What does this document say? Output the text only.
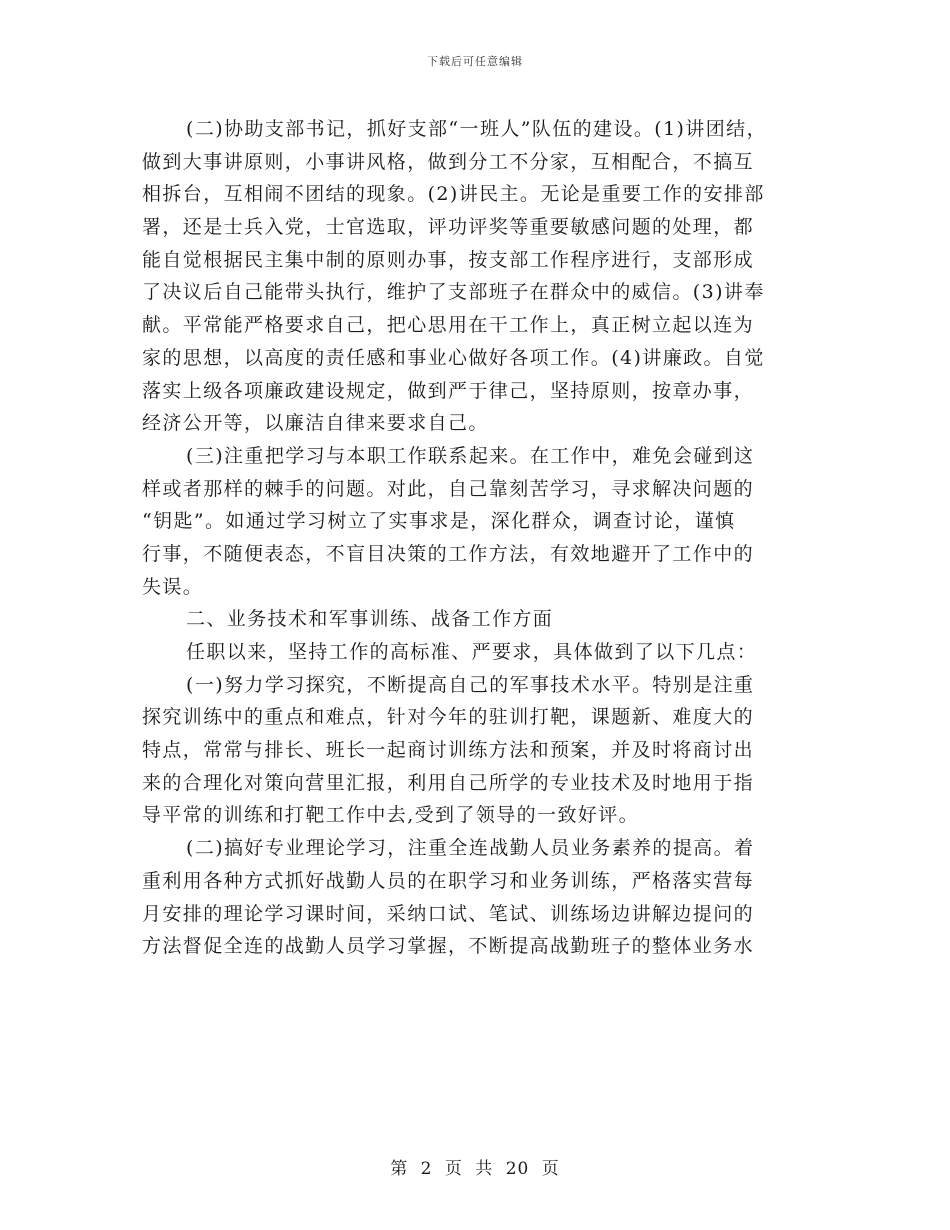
下载后可任意编辑
(二)协助支部书记，抓好支部“一班人”队伍的建设。(1)讲团结，
做到大事讲原则，小事讲风格，做到分工不分家，互相配合，不搞互
相拆台，互相闹不团结的现象。(2)讲民主。无论是重要工作的安排部
署，还是士兵入党，士官选取，评功评奖等重要敏感问题的处理，都
能自觉根据民主集中制的原则办事，按支部工作程序进行，支部形成
了决议后自己能带头执行，维护了支部班子在群众中的威信。(3)讲奉
献。平常能严格要求自己，把心思用在干工作上，真正树立起以连为
家的思想，以高度的责任感和事业心做好各项工作。(4)讲廉政。自觉
落实上级各项廉政建设规定，做到严于律己，坚持原则，按章办事，
经济公开等，以廉洁自律来要求自己。
(三)注重把学习与本职工作联系起来。在工作中，难免会碰到这
样或者那样的棘手的问题。对此，自己靠刻苦学习，寻求解决问题的
“钥匙”。如通过学习树立了实事求是，深化群众，调查讨论，谨慎
行事，不随便表态，不盲目决策的工作方法，有效地避开了工作中的
失误。
二、业务技术和军事训练、战备工作方面
任职以来，坚持工作的高标准、严要求，具体做到了以下几点：
(一)努力学习探究，不断提高自己的军事技术水平。特别是注重
探究训练中的重点和难点，针对今年的驻训打靶，课题新、难度大的
特点，常常与排长、班长一起商讨训练方法和预案，并及时将商讨出
来的合理化对策向营里汇报，利用自己所学的专业技术及时地用于指
导平常的训练和打靶工作中去,受到了领导的一致好评。
(二)搞好专业理论学习，注重全连战勤人员业务素养的提高。着
重利用各种方式抓好战勤人员的在职学习和业务训练，严格落实营每
月安排的理论学习课时间，采纳口试、笔试、训练场边讲解边提问的
方法督促全连的战勤人员学习掌握，不断提高战勤班子的整体业务水
第 2 页 共 20 页
